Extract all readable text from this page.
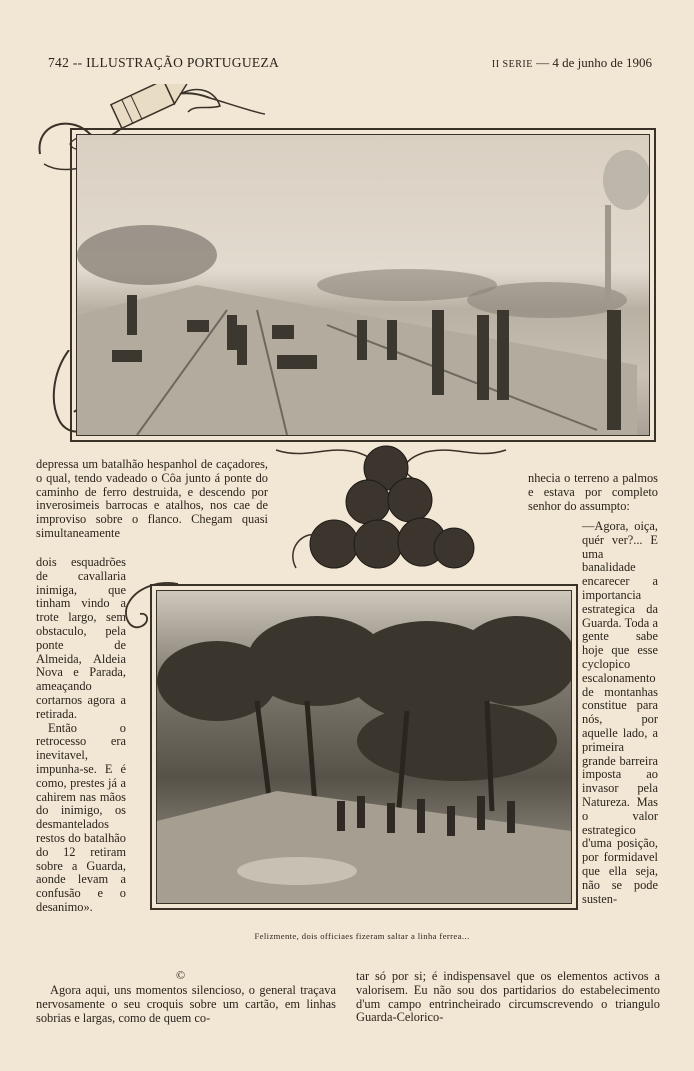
742 -- ILLUSTRAÇÃO PORTUGUEZA	II SERIE — 4 de junho de 1906

depressa um batalhão hespanhol de caçadores, o qual, tendo vadeado o Côa junto á ponte do caminho de ferro destruida, e descendo por inverosimeis barrocas e atalhos, nos cae de improviso sobre o flanco. Chegam quasi simultaneamente

dois esquadrões de cavallaria inimiga, que tinham vindo a trote largo, sem obstaculo, pela ponte de Almeida, Aldeia Nova e Parada, ameaçando cortarnos agora a retirada.

Então o retrocesso era inevitavel, impunha-se. E é como, prestes já a cahirem nas mãos do inimigo, os desmantelados restos do batalhão do 12 retiram sobre a Guarda, aonde levam a confusão e o desanimo».

Felizmente, dois officiaes fizeram saltar a linha ferrea...

nhecia o terreno a palmos e estava por completo senhor do assumpto:

—Agora, oiça, quér ver?... E uma banalidade encarecer a importancia estrategica da Guarda. Toda a gente sabe hoje que esse cyclopico escalonamento de montanhas constitue para nós, por aquelle lado, a primeira grande barreira imposta ao invasor pela Natureza. Mas o valor estrategico d'uma posição, por formidavel que ella seja, não se pode susten-

©

Agora aqui, uns momentos silencioso, o general traçava nervosamente o seu croquis sobre um cartão, em linhas sobrias e largas, como de quem co-

tar só por si; é indispensavel que os elementos activos a valorisem. Eu não sou dos partidarios do estabelecimento d'um campo entrincheirado circumscrevendo o triangulo Guarda-Celorico-
